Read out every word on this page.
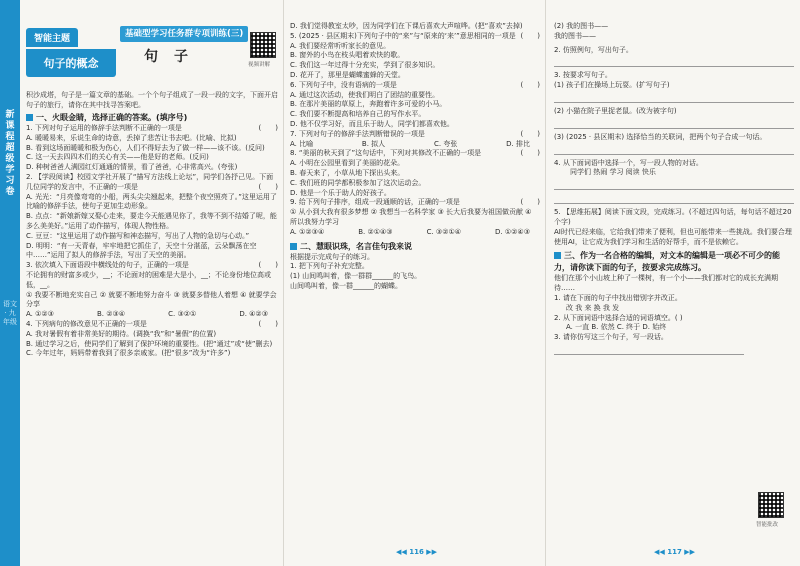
新课程超级学习卷
语文 · 九年级
智能主题
句子的概念
基础型学习任务群专项训练(三)
句子	视频讲解
积沙成塔，句子是一篇文章的基础。一个个句子组成了一段一段的文字，下面开启句子的旅行，请你在其中找寻答案吧。
一、火眼金睛，选择正确的答案。(填序号)
1. 下列对句子运用的修辞手法判断不正确的一项是	(　　)
A. 暖暖易来，乐说生命的诗意，丢掉了悲苦让书去吧。(比喻、比拟)
B. 看到这场面暖暖和极为伤心，人们不得好去为了做一样——该不该。(反问)
C. 这一天去四四木们的关心有关——他是好的老师。(反问)
D. 种树爸爸人满园红灯通通的情景，看了爸爸，心非常高兴。(夸张)
2. 【学段阅读】校园文学社开展了“描写方法线上论坛”，同学们各抒己见。下面几位同学的发言中，不正确的一项是	(　　)
A. 光光：“月亮像弯弯的小船，两头尖尖翘起来，把整个夜空照亮了。”这里运用了比喻的修辞手法，使句子更加生动形象。
B. 点点：“新娘新嫁又娶心走来，要走今天能遇见你了，我等不到不结婚了呢，能多么美美好。”运用了动作描写，体现人物性格。
C. 豆豆：“这里运用了动作描写和神态描写，写出了人物的急切与心动。”
D. 明明：“有一天青春，牢牢地把它抓住了，天空十分湛蓝，云朵飘荡在空中……”运用了拟人的修辞手法，写出了天空的美丽。
3. 依次填入下面语段中横线处的句子，正确的一项是	(　　)
不论拥有的财富多或少，__；不论面对的困难是大是小，__；不论身份地位高或低，__。
① 我要不断地充实自己 ② 就要不断地努力奋斗 ③ 就要多替他人着想 ④ 就要学会分享
A. ①②③	B. ②③④	C. ③②①	D. ④②③
4. 下列病句的修改意见不正确的一项是	(　　)
A. 我对暑假有着非常美好的期待。(调换“我”和“暑假”的位置)
B. 通过学习之后，使同学们了解到了保护环境的重要性。(把“通过”或“使”删去)
C. 今年过年，妈妈带着我到了很多亲戚家。(把“很多”改为“许多”)
D. 我们觉得教室太吵，因为同学们在下课后喜欢大声喧哗。(把“喜欢”去掉)
5. (2025 · 县区期末)下列句子中的“来”与“原来的‘来’”意思相同的一项是 (　　)
A. 我们要经常听听家长的意见。
B. 窗外的小鸟在枝头唱着欢快的歌。
C. 我们这一年过得十分充实，学到了很多知识。
D. 花开了，那里是蝴蝶蜜蜂的天堂。
6. 下列句子中，没有语病的一项是	(　　)
A. 通过这次活动，使我们明白了团结的重要性。
B. 在那片美丽的草原上，奔跑着许多可爱的小马。
C. 我们要不断提高和培养自己的写作水平。
D. 他不仅学习好，而且乐于助人，同学们都喜欢他。
7. 下列对句子的修辞手法判断错误的一项是	(　　)
A. 比喻	B. 拟人	C. 夸张	D. 排比
8. “美丽的秋天到了”这句话中，下列对其修改不正确的一项是	(　　)
A. 小明在公园里看到了美丽的花朵。
B. 春天来了，小草从地下探出头来。
C. 我们班的同学都积极参加了这次运动会。
D. 他是一个乐于助人的好孩子。
9. 给下列句子排序，组成一段通顺的话，正确的一项是	(　　)
① 从小到大我有很多梦想 ② 我想当一名科学家 ③ 长大后我要为祖国做贡献 ④ 所以我努力学习
A. ①②③④	B. ②①④③	C. ③②①④	D. ①②④③
二、慧眼识珠，名言佳句我来说
根据提示完成句子的练习。
1. 把下列句子补充完整。
(1) 山间鸣叫着，像一群群______的飞鸟。
山间鸣叫着，像一群______的蝴蝶。
◀◀ 116 ▶▶
(2) 我的图书——
我的图书——
2. 仿照例句，写出句子。
3. 按要求写句子。
(1) 孩子们在操场上玩耍。(扩写句子)
(2) 小猫在院子里捉老鼠。(改为被字句)
(3) (2025 · 县区期末) 选择恰当的关联词，把两个句子合成一句话。
4. 从下面词语中选择一个，写一段人物的对话。
同学们 热闹 学习 阅读 快乐
5. 【思维拓展】阅读下面文段，完成练习。(不超过四句话，每句话不超过20个字)
AI时代已经来临，它给我们带来了便利，但也可能带来一些挑战。我们要合理使用AI，让它成为我们学习和生活的好帮手，而不是依赖它。
三、作为一名合格的编辑，对文本的编辑是一项必不可少的能力，请你读下面的句子，按要求完成练习。
他们在那个小山坡上种了一棵树，有一个小——我们都对它的成长充满期待……
1. 请在下面的句子中找出错别字并改正。
改 我 来 换 我 发
2. 从下面词语中选择合适的词语填空。( )
A. 一直 B. 依然 C. 终于 D. 始终
3. 请你仿写这三个句子，写一段话。
智能批改
◀◀ 117 ▶▶
